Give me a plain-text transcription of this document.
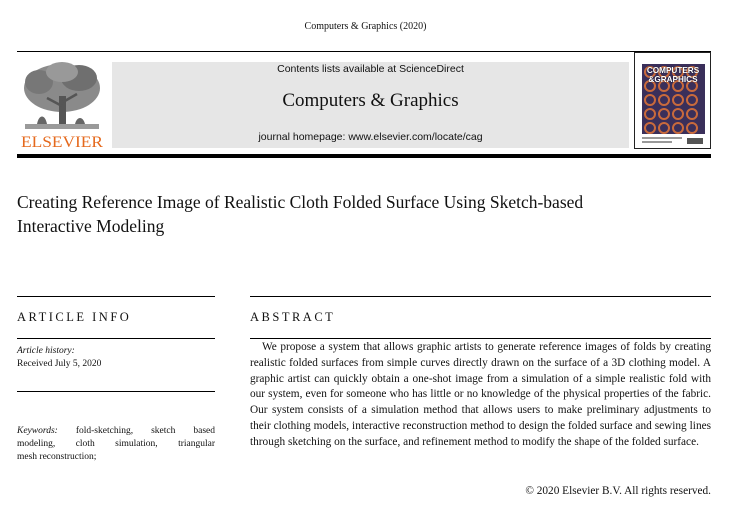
Computers & Graphics (2020)
ELSEVIER
Contents lists available at ScienceDirect
Computers & Graphics
journal homepage: www.elsevier.com/locate/cag
COMPUTERS
&GRAPHICS
Creating Reference Image of Realistic Cloth Folded Surface Using Sketch-based
Interactive Modeling
ARTICLE INFO
Article history:
Received July 5, 2020
Keywords: fold-sketching, sketch based
modeling, cloth simulation, triangular
mesh reconstruction;
ABSTRACT
We propose a system that allows graphic artists to generate reference images of folds by creating realistic folded surfaces from simple curves directly drawn on the surface of a 3D clothing model. A graphic artist can quickly obtain a one-shot image from a simulation of a simple realistic fold with our system, even for someone who has little or no knowledge of the physical properties of the fabric. Our system consists of a simulation method that allows users to make preliminary adjustments to their clothing models, interactive reconstruction method to design the folded surface and sewing lines through sketching on the surface, and refinement method to modify the shape of the folded surface.
© 2020 Elsevier B.V. All rights reserved.
